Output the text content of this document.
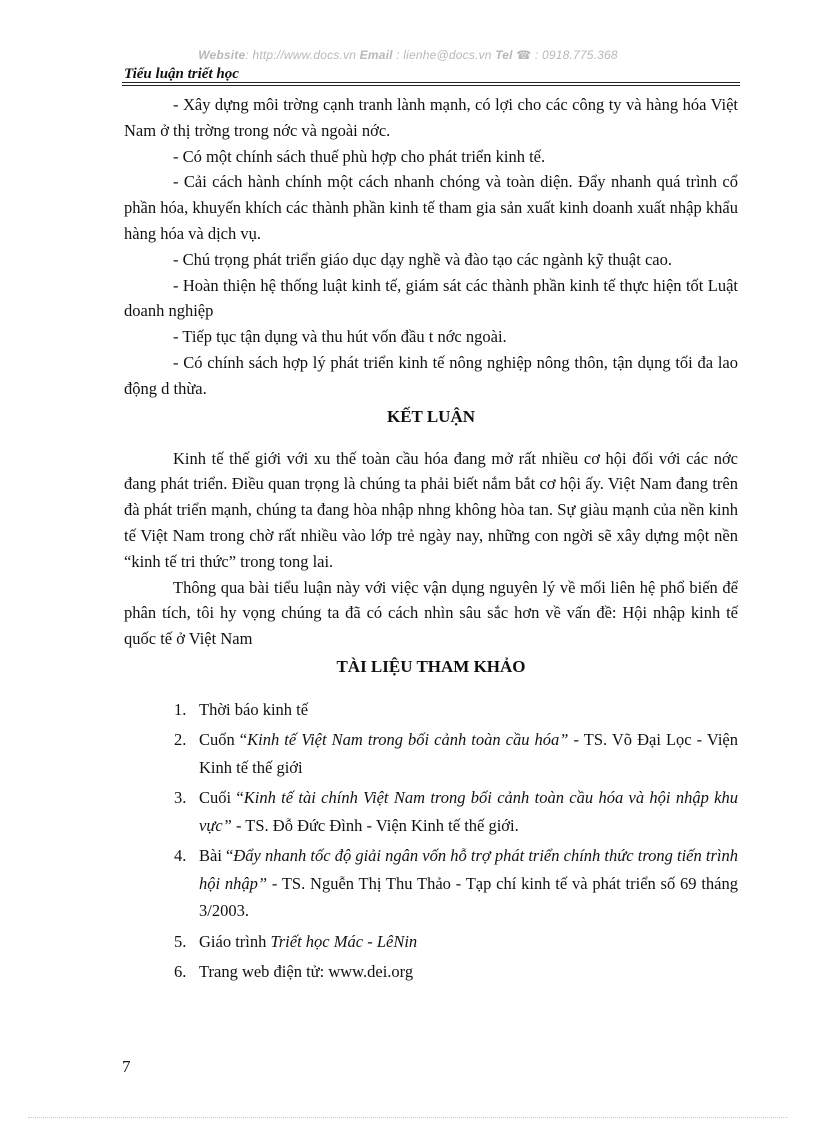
Website: http://www.docs.vn Email : lienhe@docs.vn Tel ☎ : 0918.775.368
Tiểu luận triết học

- Xây dựng môi trờng cạnh tranh lành mạnh, có lợi cho các công ty và hàng hóa Việt Nam ở thị trờng trong nớc và ngoài nớc.

- Có một chính sách thuế phù hợp cho phát triển kinh tế.

- Cải cách hành chính một cách nhanh chóng và toàn diện. Đẩy nhanh quá trình cổ phần hóa, khuyến khích các thành phần kinh tế tham gia sản xuất kinh doanh xuất nhập khẩu hàng hóa và dịch vụ.

- Chú trọng phát triển giáo dục dạy nghề và đào tạo các ngành kỹ thuật cao.

- Hoàn thiện hệ thống luật kinh tế, giám sát các thành phần kinh tế thực hiện tốt Luật doanh nghiệp

- Tiếp tục tận dụng và thu hút vốn đầu t nớc ngoài.

- Có chính sách hợp lý phát triển kinh tế nông nghiệp nông thôn, tận dụng tối đa lao động d thừa.

KẾT LUẬN

Kinh tế thế giới với xu thế toàn cầu hóa đang mở rất nhiều cơ hội đối với các nớc đang phát triển. Điều quan trọng là chúng ta phải biết nắm bắt cơ hội ấy. Việt Nam đang trên đà phát triển mạnh, chúng ta đang hòa nhập nhng không hòa tan. Sự giàu mạnh của nền kinh tế Việt Nam trong chờ rất nhiều vào lớp trẻ ngày nay, những con ngời sẽ xây dựng một nền “kinh tế tri thức” trong tong lai.

Thông qua bài tiểu luận này với việc vận dụng nguyên lý về mối liên hệ phổ biến để phân tích, tôi hy vọng chúng ta đã có cách nhìn sâu sắc hơn về vấn đề: Hội nhập kinh tế quốc tế ở Việt Nam

TÀI LIỆU THAM KHẢO
1. Thời báo kinh tế
2. Cuốn “Kinh tế Việt Nam trong bối cảnh toàn cầu hóa” - TS. Võ Đại Lọc - Viện Kinh tế thế giới
3. Cuối “Kinh tế tài chính Việt Nam trong bối cảnh toàn cầu hóa và hội nhập khu vực” - TS. Đỗ Đức Đình - Viện Kinh tế thế giới.
4. Bài “Đẩy nhanh tốc độ giải ngân vốn hỗ trợ phát triển chính thức trong tiến trình hội nhập” - TS. Nguễn Thị Thu Thảo - Tạp chí kinh tế và phát triển số 69 tháng 3/2003.
5. Giáo trình Triết học Mác - LêNin
6. Trang web điện tử: www.dei.org
7
